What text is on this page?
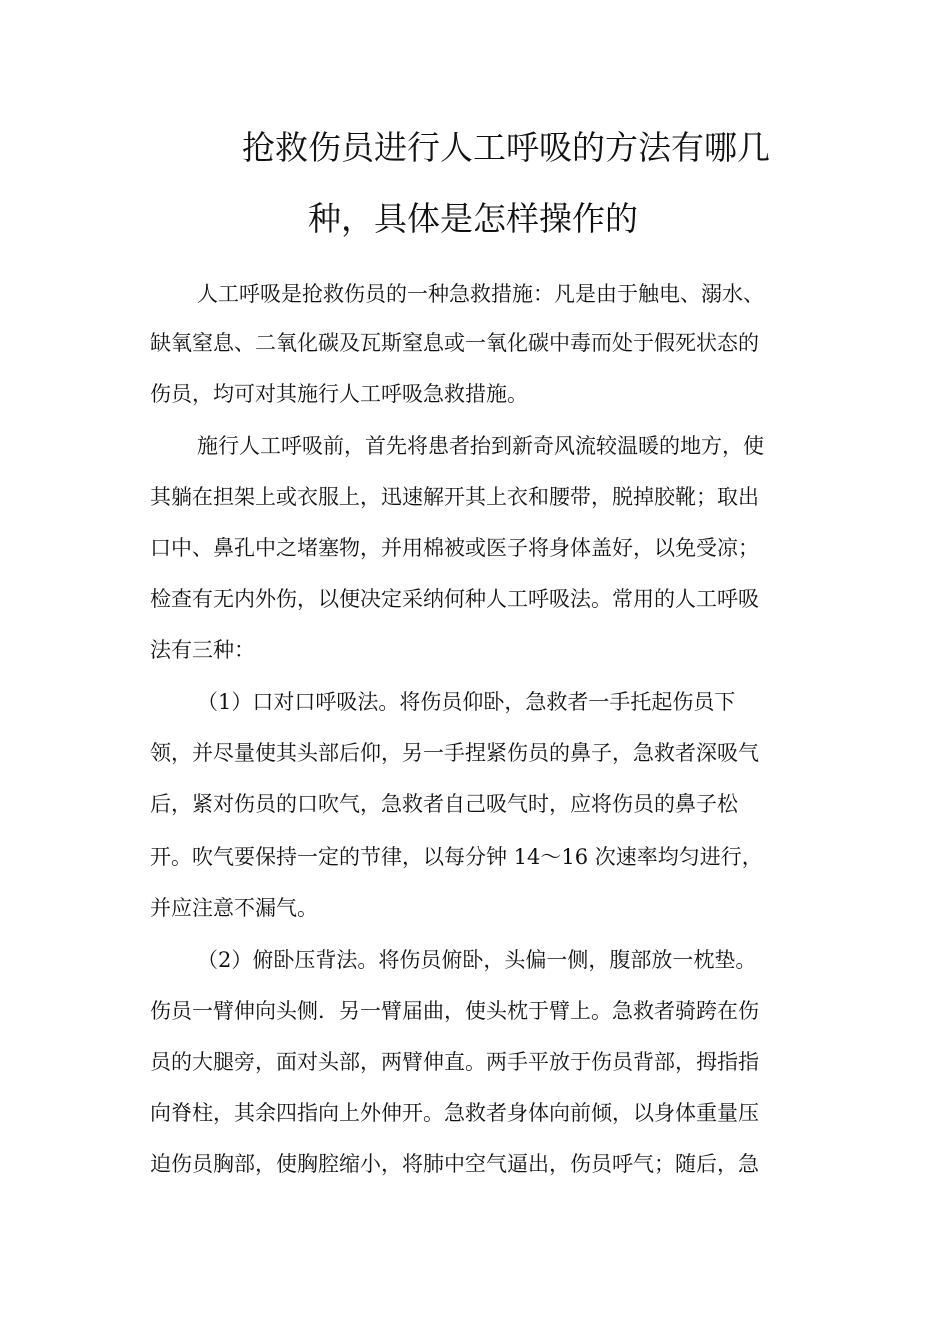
抢救伤员进行人工呼吸的方法有哪几
种，具体是怎样操作的
人工呼吸是抢救伤员的一种急救措施：凡是由于触电、溺水、
缺氧窒息、二氧化碳及瓦斯窒息或一氧化碳中毒而处于假死状态的
伤员，均可对其施行人工呼吸急救措施。
施行人工呼吸前，首先将患者抬到新奇风流较温暖的地方，使
其躺在担架上或衣服上，迅速解开其上衣和腰带，脱掉胶靴；取出
口中、鼻孔中之堵塞物，并用棉被或医子将身体盖好，以免受凉；
检查有无内外伤，以便决定采纳何种人工呼吸法。常用的人工呼吸
法有三种：
（1）口对口呼吸法。将伤员仰卧，急救者一手托起伤员下
领，并尽量使其头部后仰，另一手捏紧伤员的鼻子，急救者深吸气
后，紧对伤员的口吹气，急救者自己吸气时，应将伤员的鼻子松
开。吹气要保持一定的节律，以每分钟 14～16 次速率均匀进行，
并应注意不漏气。
（2）俯卧压背法。将伤员俯卧，头偏一侧，腹部放一枕垫。
伤员一臂伸向头侧．另一臂届曲，使头枕于臂上。急救者骑跨在伤
员的大腿旁，面对头部，两臂伸直。两手平放于伤员背部，拇指指
向脊柱，其余四指向上外伸开。急救者身体向前倾，以身体重量压
迫伤员胸部，使胸腔缩小，将肺中空气逼出，伤员呼气；随后，急
